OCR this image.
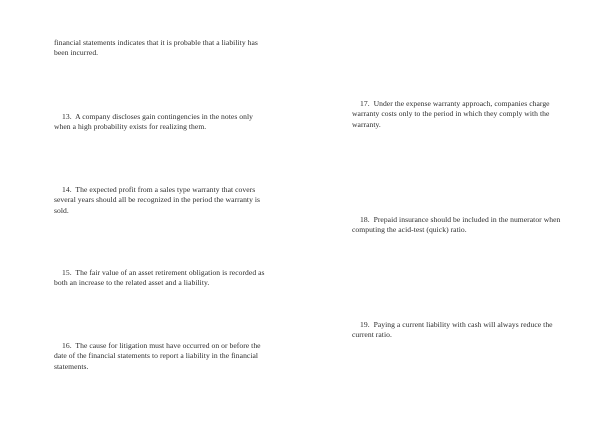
financial statements indicates that it is probable that a liability has been incurred.

13. A company discloses gain contingencies in the notes only when a high probability exists for realizing them.

14. The expected profit from a sales type warranty that covers several years should all be recognized in the period the warranty is sold.

15. The fair value of an asset retirement obligation is recorded as both an increase to the related asset and a liability.

16. The cause for litigation must have occurred on or before the date of the financial statements to report a liability in the financial statements.

17. Under the expense warranty approach, companies charge warranty costs only to the period in which they comply with the warranty.

18. Prepaid insurance should be included in the numerator when computing the acid-test (quick) ratio.

19. Paying a current liability with cash will always reduce the current ratio.
